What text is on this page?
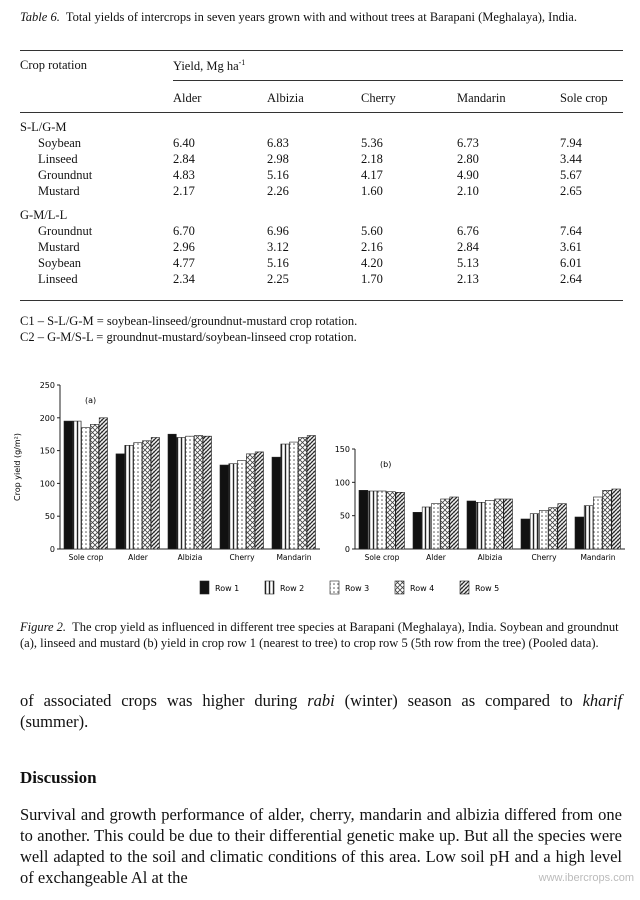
Table 6. Total yields of intercrops in seven years grown with and without trees at Barapani (Meghalaya), India.
Crop rotation	Yield, Mg $ha^{-1}$
Alder	Albizia	Cherry	Mandarin	Sole crop
S-L/G-M
Soybean	6.40	6.83	5.36	6.73	7.94
Linseed	2.84	2.98	2.18	2.80	3.44
Groundnut	4.83	5.16	4.17	4.90	5.67
Mustard	2.17	2.26	1.60	2.10	2.65
G-M/L-L
Groundnut	6.70	6.96	5.60	6.76	7.64
Mustard	2.96	3.12	2.16	2.84	3.61
Soybean	4.77	5.16	4.20	5.13	6.01
Linseed	2.34	2.25	1.70	2.13	2.64
C1 – S-L/G-M = soybean-linseed/groundnut-mustard crop rotation.
C2 – G-M/S-L = groundnut-mustard/soybean-linseed crop rotation.
0
50
100
150
200
250
(a)
Crop yield (g/m²)
Sole crop	Alder	Albizia	Cherry	Mandarin
0
50
100
150
(b)
Sole crop	Alder	Albizia	Cherry	Mandarin
Row 1	Row 2	Row 3	Row 4	Row 5
Figure 2. The crop yield as influenced in different tree species at Barapani (Meghalaya), India. Soybean and groundnut (a), linseed and mustard (b) yield in crop row 1 (nearest to tree) to crop row 5 (5th row from the tree) (Pooled data).
of associated crops was higher during rabi (winter) season as compared to kharif (summer).
Discussion
Survival and growth performance of alder, cherry, mandarin and albizia differed from one to another. This could be due to their differential genetic make up. But all the species were well adapted to the soil and climatic conditions of this area. Low soil pH and a high level of exchangeable Al at the	www.ibercrops.com
